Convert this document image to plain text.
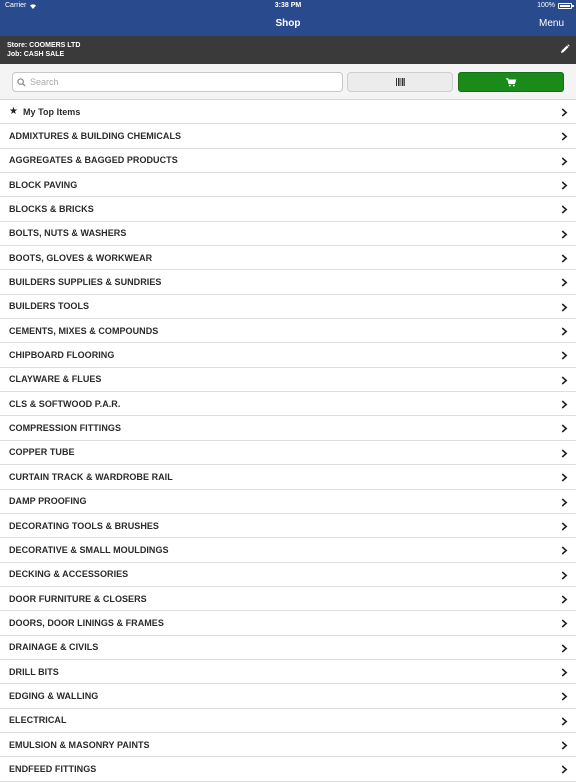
Carrier	3:38 PM	100%
Shop	Menu
Store: COOMERS LTD
Job: CASH SALE
Search
★ My Top Items
ADMIXTURES & BUILDING CHEMICALS
AGGREGATES & BAGGED PRODUCTS
BLOCK PAVING
BLOCKS & BRICKS
BOLTS, NUTS & WASHERS
BOOTS, GLOVES & WORKWEAR
BUILDERS SUPPLIES & SUNDRIES
BUILDERS TOOLS
CEMENTS, MIXES & COMPOUNDS
CHIPBOARD FLOORING
CLAYWARE & FLUES
CLS & SOFTWOOD P.A.R.
COMPRESSION FITTINGS
COPPER TUBE
CURTAIN TRACK & WARDROBE RAIL
DAMP PROOFING
DECORATING TOOLS & BRUSHES
DECORATIVE & SMALL MOULDINGS
DECKING & ACCESSORIES
DOOR FURNITURE & CLOSERS
DOORS, DOOR LININGS & FRAMES
DRAINAGE & CIVILS
DRILL BITS
EDGING & WALLING
ELECTRICAL
EMULSION & MASONRY PAINTS
ENDFEED FITTINGS
